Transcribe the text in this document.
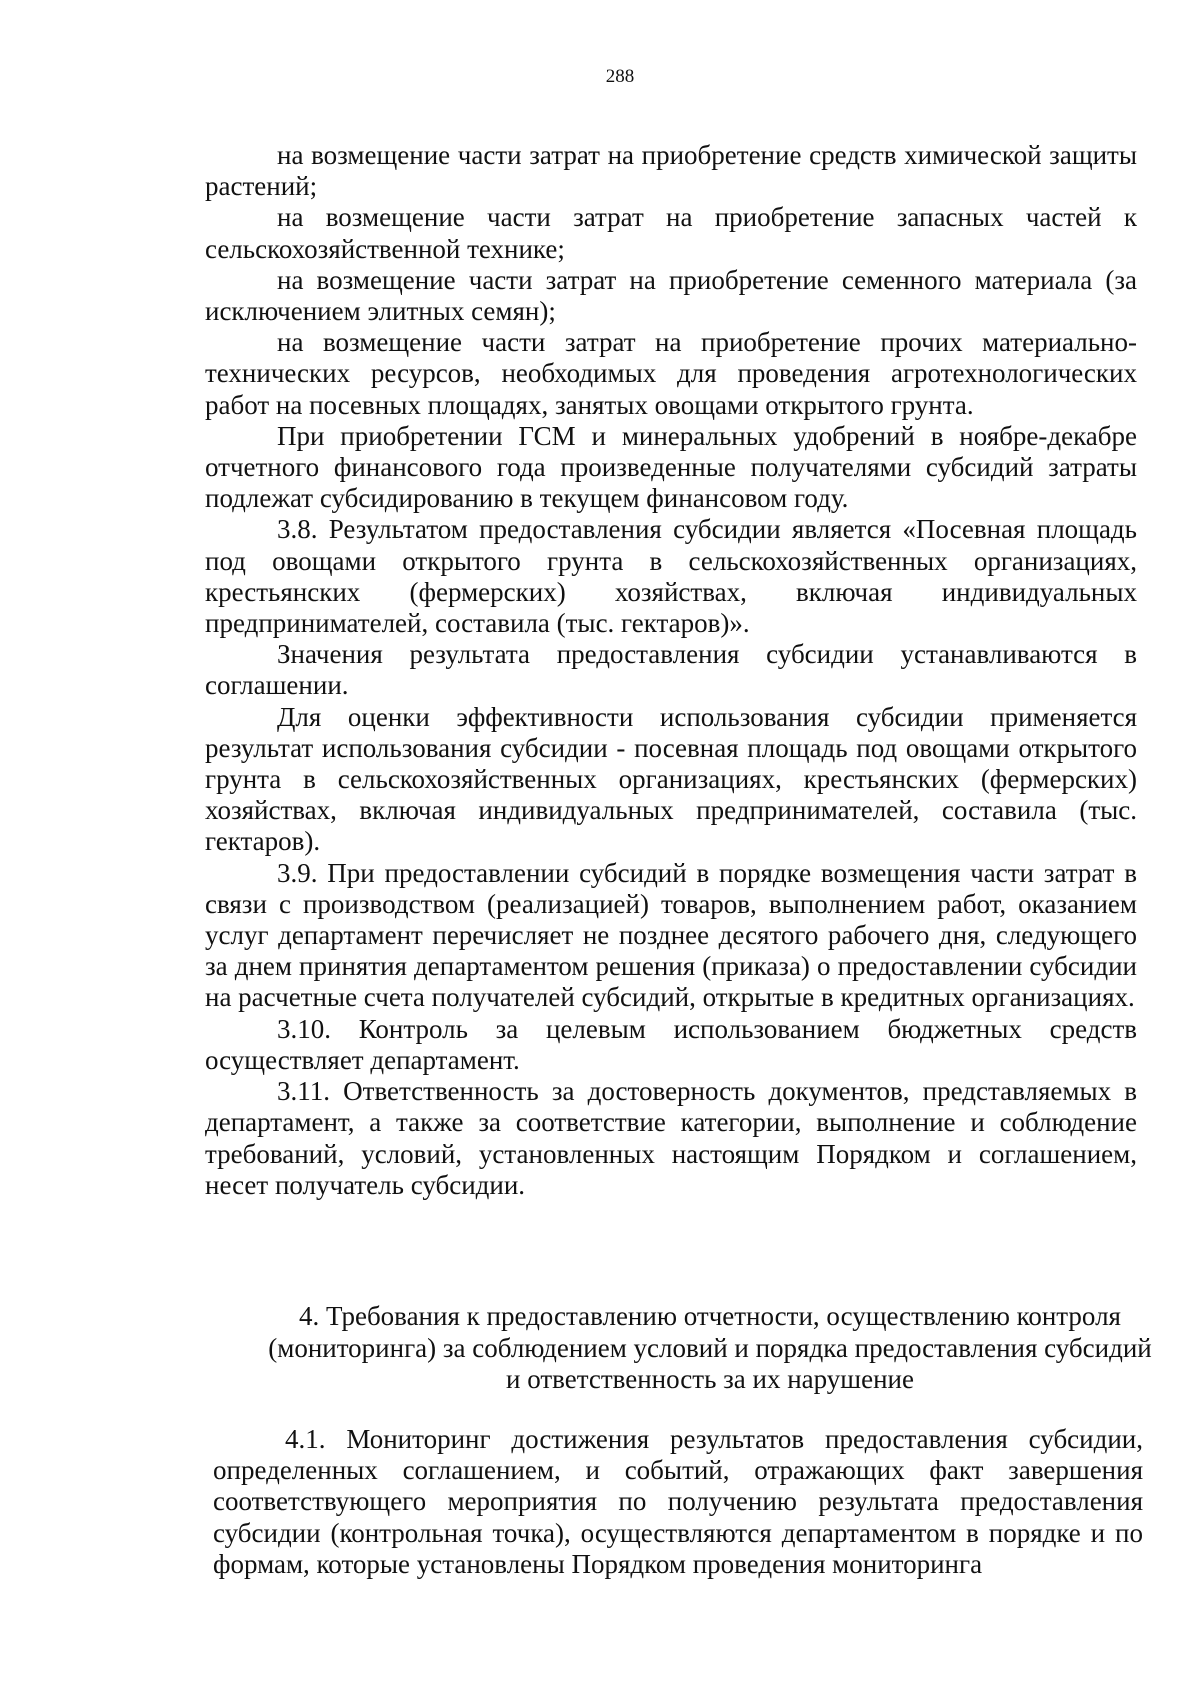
288

на возмещение части затрат на приобретение средств химической защиты растений;

на возмещение части затрат на приобретение запасных частей к сельскохозяйственной технике;

на возмещение части затрат на приобретение семенного материала (за исключением элитных семян);

на возмещение части затрат на приобретение прочих материально-технических ресурсов, необходимых для проведения агротехнологических работ на посевных площадях, занятых овощами открытого грунта.

При приобретении ГСМ и минеральных удобрений в ноябре-декабре отчетного финансового года произведенные получателями субсидий затраты подлежат субсидированию в текущем финансовом году.

3.8. Результатом предоставления субсидии является «Посевная площадь под овощами открытого грунта в сельскохозяйственных организациях, крестьянских (фермерских) хозяйствах, включая индивидуальных предпринимателей, составила (тыс. гектаров)».

Значения результата предоставления субсидии устанавливаются в соглашении.

Для оценки эффективности использования субсидии применяется результат использования субсидии - посевная площадь под овощами открытого грунта в сельскохозяйственных организациях, крестьянских (фермерских) хозяйствах, включая индивидуальных предпринимателей, составила (тыс. гектаров).

3.9. При предоставлении субсидий в порядке возмещения части затрат в связи с производством (реализацией) товаров, выполнением работ, оказанием услуг департамент перечисляет не позднее десятого рабочего дня, следующего за днем принятия департаментом решения (приказа) о предоставлении субсидии на расчетные счета получателей субсидий, открытые в кредитных организациях.

3.10. Контроль за целевым использованием бюджетных средств осуществляет департамент.

3.11. Ответственность за достоверность документов, представляемых в департамент, а также за соответствие категории, выполнение и соблюдение требований, условий, установленных настоящим Порядком и соглашением, несет получатель субсидии.

4. Требования к предоставлению отчетности, осуществлению контроля (мониторинга) за соблюдением условий и порядка предоставления субсидий и ответственность за их нарушение

4.1. Мониторинг достижения результатов предоставления субсидии, определенных соглашением, и событий, отражающих факт завершения соответствующего мероприятия по получению результата предоставления субсидии (контрольная точка), осуществляются департаментом в порядке и по формам, которые установлены Порядком проведения мониторинга
